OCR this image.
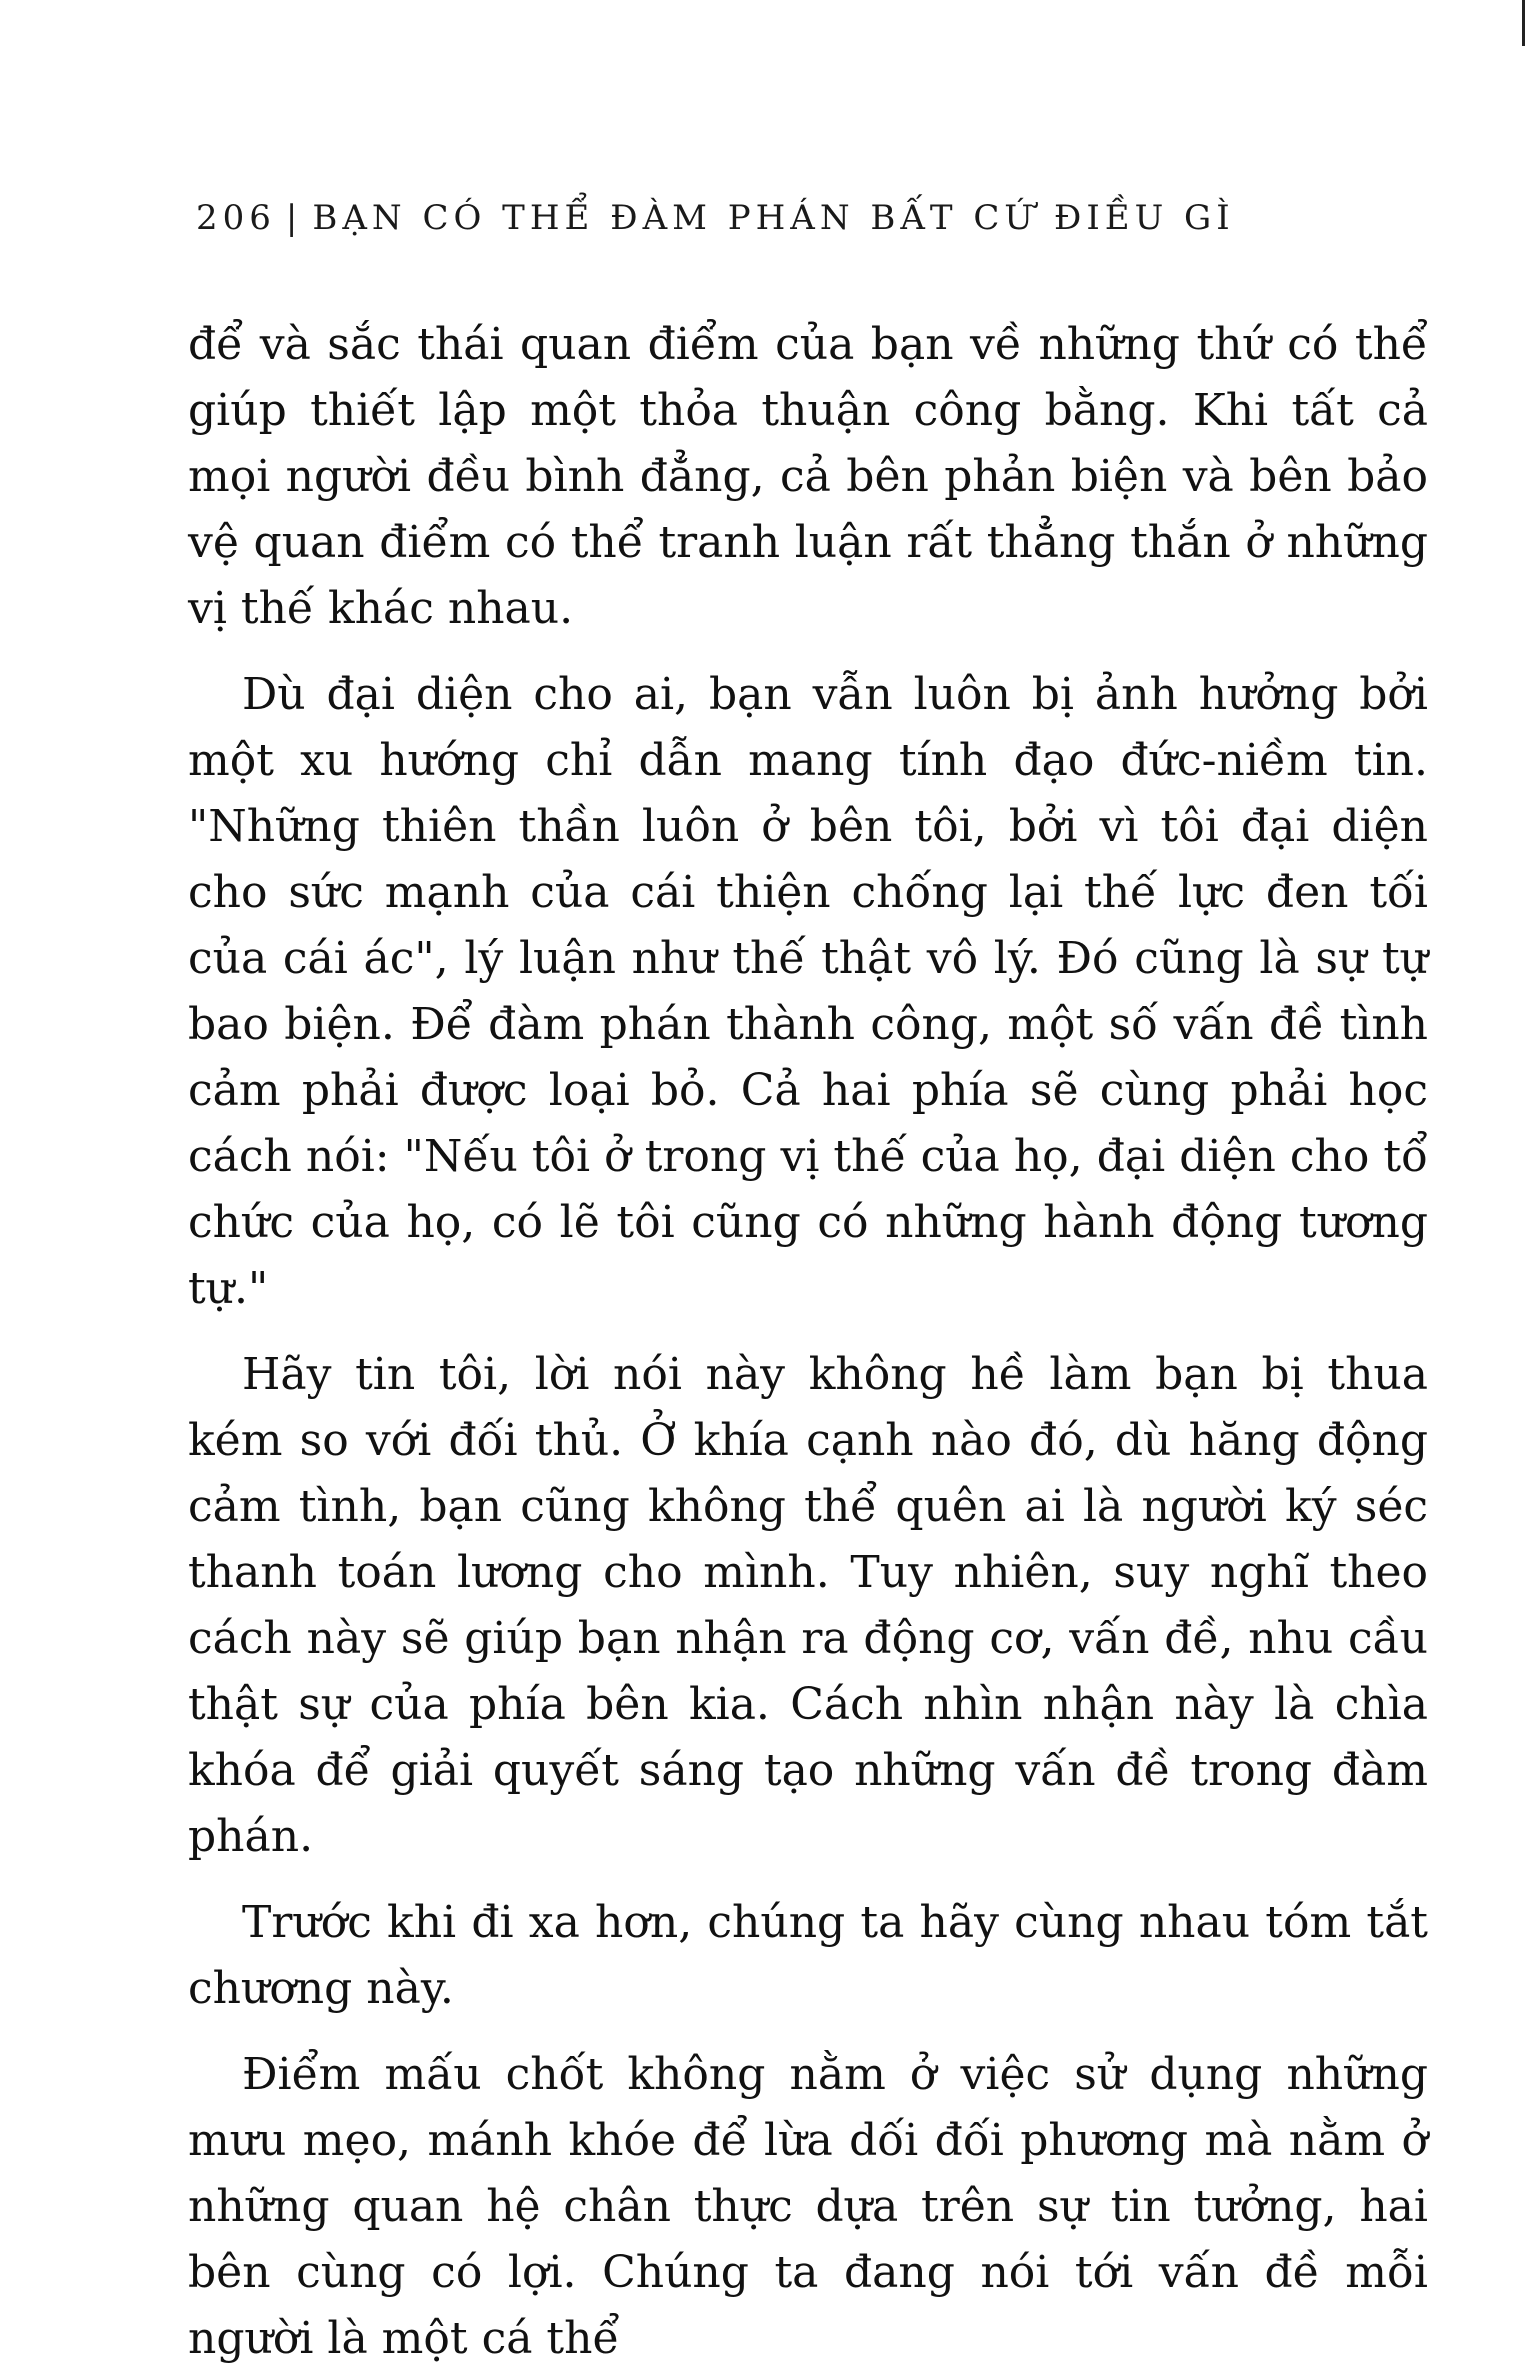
206 | BẠN CÓ THỂ ĐÀM PHÁN BẤT CỨ ĐIỀU GÌ

để và sắc thái quan điểm của bạn về những thứ có thể giúp thiết lập một thỏa thuận công bằng. Khi tất cả mọi người đều bình đẳng, cả bên phản biện và bên bảo vệ quan điểm có thể tranh luận rất thẳng thắn ở những vị thế khác nhau.

Dù đại diện cho ai, bạn vẫn luôn bị ảnh hưởng bởi một xu hướng chỉ dẫn mang tính đạo đức-niềm tin. "Những thiên thần luôn ở bên tôi, bởi vì tôi đại diện cho sức mạnh của cái thiện chống lại thế lực đen tối của cái ác", lý luận như thế thật vô lý. Đó cũng là sự tự bao biện. Để đàm phán thành công, một số vấn đề tình cảm phải được loại bỏ. Cả hai phía sẽ cùng phải học cách nói: "Nếu tôi ở trong vị thế của họ, đại diện cho tổ chức của họ, có lẽ tôi cũng có những hành động tương tự."

Hãy tin tôi, lời nói này không hề làm bạn bị thua kém so với đối thủ. Ở khía cạnh nào đó, dù hăng động cảm tình, bạn cũng không thể quên ai là người ký séc thanh toán lương cho mình. Tuy nhiên, suy nghĩ theo cách này sẽ giúp bạn nhận ra động cơ, vấn đề, nhu cầu thật sự của phía bên kia. Cách nhìn nhận này là chìa khóa để giải quyết sáng tạo những vấn đề trong đàm phán.

Trước khi đi xa hơn, chúng ta hãy cùng nhau tóm tắt chương này.

Điểm mấu chốt không nằm ở việc sử dụng những mưu mẹo, mánh khóe để lừa dối đối phương mà nằm ở những quan hệ chân thực dựa trên sự tin tưởng, hai bên cùng có lợi. Chúng ta đang nói tới vấn đề mỗi người là một cá thể
